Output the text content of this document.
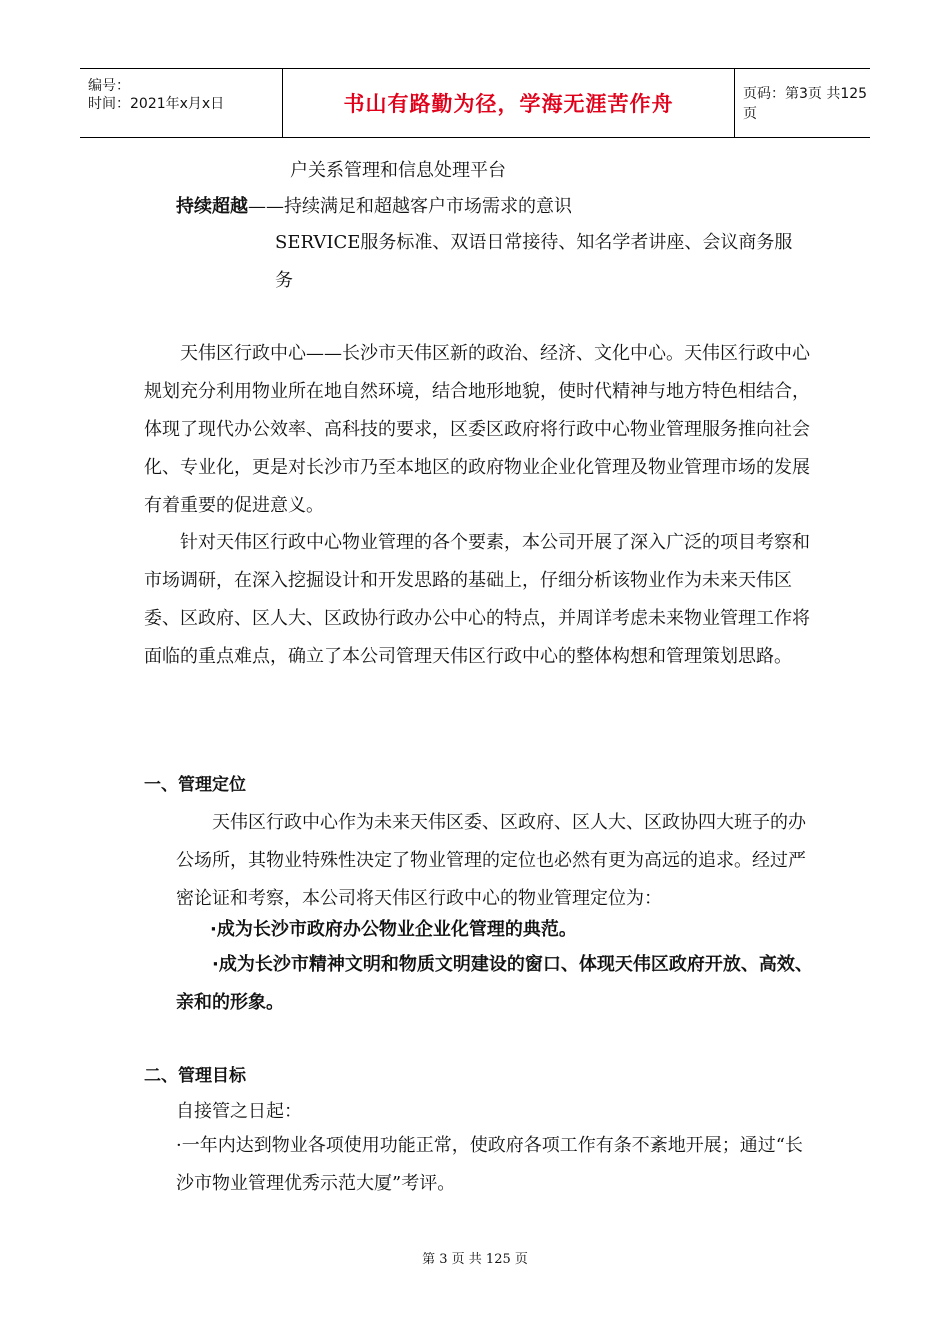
编号：
时间：2021年x月x日	书山有路勤为径，学海无涯苦作舟	页码：第3页 共125页
户关系管理和信息处理平台
持续超越——持续满足和超越客户市场需求的意识
SERVICE服务标准、双语日常接待、知名学者讲座、会议商务服
务
天伟区行政中心——长沙市天伟区新的政治、经济、文化中心。天伟区行政中心规划充分利用物业所在地自然环境，结合地形地貌，使时代精神与地方特色相结合，体现了现代办公效率、高科技的要求，区委区政府将行政中心物业管理服务推向社会化、专业化，更是对长沙市乃至本地区的政府物业企业化管理及物业管理市场的发展有着重要的促进意义。
针对天伟区行政中心物业管理的各个要素，本公司开展了深入广泛的项目考察和市场调研，在深入挖掘设计和开发思路的基础上，仔细分析该物业作为未来天伟区委、区政府、区人大、区政协行政办公中心的特点，并周详考虑未来物业管理工作将面临的重点难点，确立了本公司管理天伟区行政中心的整体构想和管理策划思路。
一、管理定位
天伟区行政中心作为未来天伟区委、区政府、区人大、区政协四大班子的办公场所，其物业特殊性决定了物业管理的定位也必然有更为高远的追求。经过严密论证和考察，本公司将天伟区行政中心的物业管理定位为：
·成为长沙市政府办公物业企业化管理的典范。
·成为长沙市精神文明和物质文明建设的窗口、体现天伟区政府开放、高效、亲和的形象。
二、管理目标
自接管之日起：
·一年内达到物业各项使用功能正常，使政府各项工作有条不紊地开展；通过“长沙市物业管理优秀示范大厦”考评。
第 3 页 共 125 页
